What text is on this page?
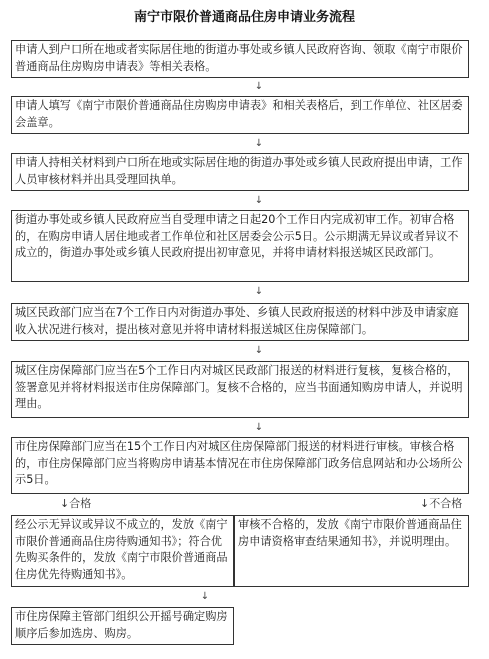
南宁市限价普通商品住房申请业务流程
申请人到户口所在地或者实际居住地的街道办事处或乡镇人民政府咨询、领取《南宁市限价普通商品住房购房申请表》等相关表格。
↓
申请人填写《南宁市限价普通商品住房购房申请表》和相关表格后，到工作单位、社区居委会盖章。
↓
申请人持相关材料到户口所在地或实际居住地的街道办事处或乡镇人民政府提出申请，工作人员审核材料并出具受理回执单。
↓
街道办事处或乡镇人民政府应当自受理申请之日起20个工作日内完成初审工作。初审合格的，在购房申请人居住地或者工作单位和社区居委会公示5日。公示期满无异议或者异议不成立的，街道办事处或乡镇人民政府提出初审意见，并将申请材料报送城区民政部门。
↓
城区民政部门应当在7个工作日内对街道办事处、乡镇人民政府报送的材料中涉及申请家庭收入状况进行核对，提出核对意见并将申请材料报送城区住房保障部门。
↓
城区住房保障部门应当在5个工作日内对城区民政部门报送的材料进行复核，复核合格的，签署意见并将材料报送市住房保障部门。复核不合格的，应当书面通知购房申请人，并说明理由。
↓
市住房保障部门应当在15个工作日内对城区住房保障部门报送的材料进行审核。审核合格的，市住房保障部门应当将购房申请基本情况在市住房保障部门政务信息网站和办公场所公示5日。
↓合格	↓不合格
经公示无异议或异议不成立的，发放《南宁市限价普通商品住房待购通知书》；符合优先购买条件的，发放《南宁市限价普通商品住房优先待购通知书》。
审核不合格的，发放《南宁市限价普通商品住房申请资格审查结果通知书》，并说明理由。
↓
市住房保障主管部门组织公开摇号确定购房顺序后参加选房、购房。
